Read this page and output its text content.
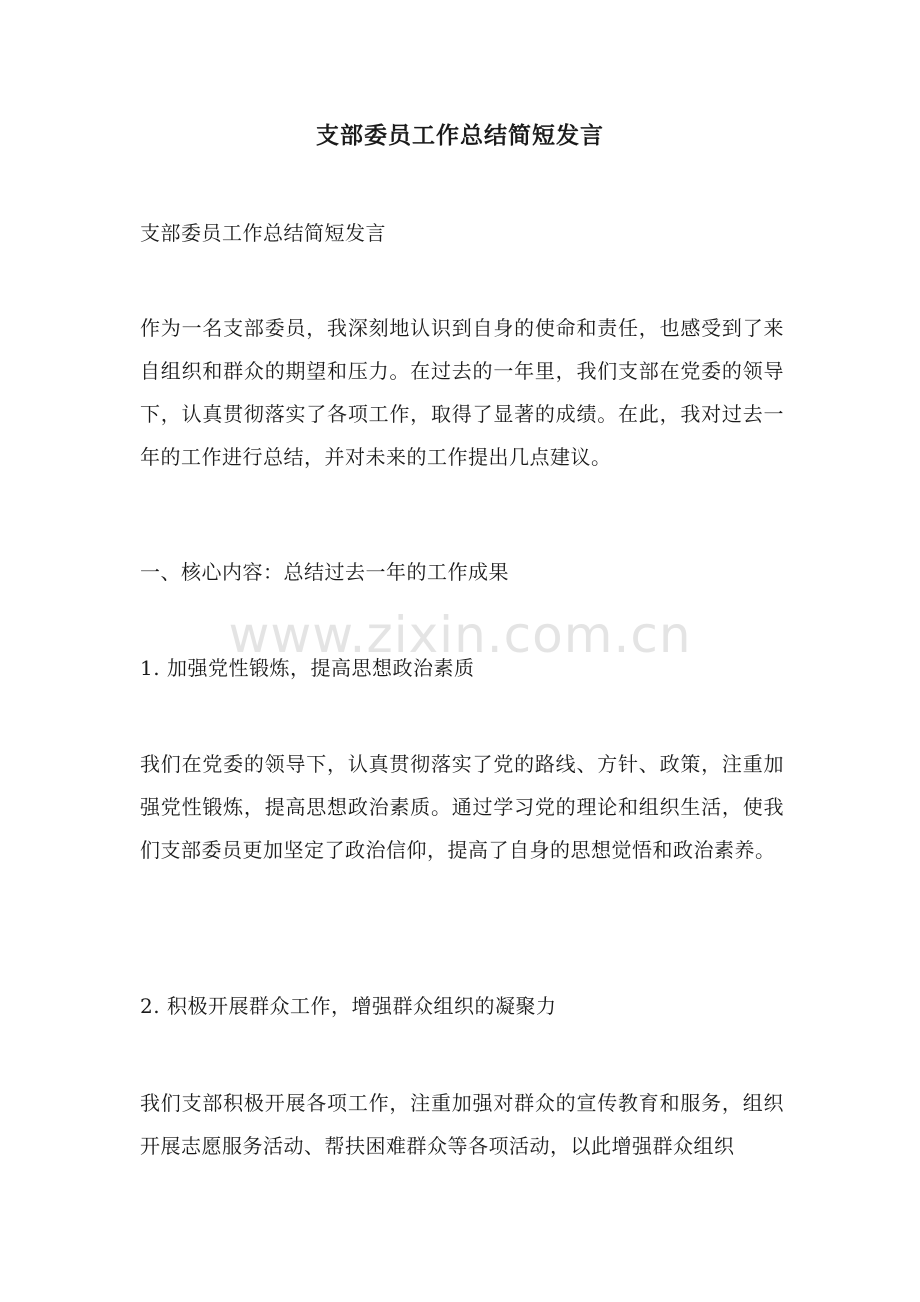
支部委员工作总结简短发言
支部委员工作总结简短发言
作为一名支部委员，我深刻地认识到自身的使命和责任，也感受到了来自组织和群众的期望和压力。在过去的一年里，我们支部在党委的领导下，认真贯彻落实了各项工作，取得了显著的成绩。在此，我对过去一年的工作进行总结，并对未来的工作提出几点建议。
一、核心内容：总结过去一年的工作成果
1. 加强党性锻炼，提高思想政治素质
我们在党委的领导下，认真贯彻落实了党的路线、方针、政策，注重加强党性锻炼，提高思想政治素质。通过学习党的理论和组织生活，使我们支部委员更加坚定了政治信仰，提高了自身的思想觉悟和政治素养。
2. 积极开展群众工作，增强群众组织的凝聚力
我们支部积极开展各项工作，注重加强对群众的宣传教育和服务，组织开展志愿服务活动、帮扶困难群众等各项活动，以此增强群众组织
www.zixin.com.cn
